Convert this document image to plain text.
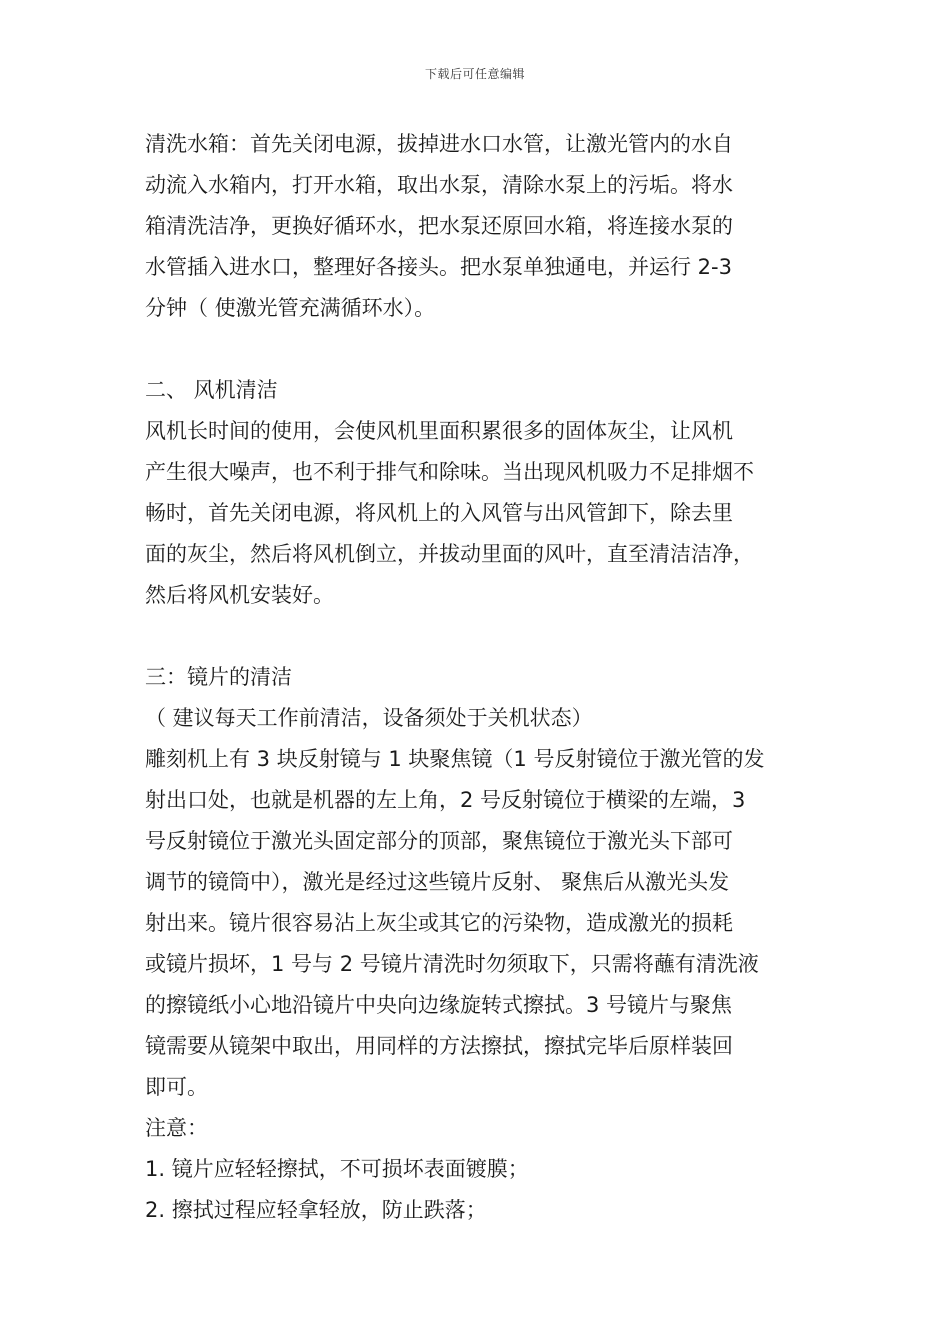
下载后可任意编辑
清洗水箱：首先关闭电源，拔掉进水口水管，让激光管内的水自
动流入水箱内，打开水箱，取出水泵，清除水泵上的污垢。将水
箱清洗洁净，更换好循环水，把水泵还原回水箱，将连接水泵的
水管插入进水口，整理好各接头。把水泵单独通电，并运行 2-3
分钟（ 使激光管充满循环水）。
二、 风机清洁
风机长时间的使用，会使风机里面积累很多的固体灰尘，让风机
产生很大噪声，也不利于排气和除味。当出现风机吸力不足排烟不
畅时，首先关闭电源，将风机上的入风管与出风管卸下，除去里
面的灰尘，然后将风机倒立，并拔动里面的风叶，直至清洁洁净，
然后将风机安装好。
三：镜片的清洁
（ 建议每天工作前清洁，设备须处于关机状态）
雕刻机上有 3 块反射镜与 1 块聚焦镜（1 号反射镜位于激光管的发
射出口处，也就是机器的左上角，2 号反射镜位于横梁的左端，3
号反射镜位于激光头固定部分的顶部，聚焦镜位于激光头下部可
调节的镜筒中），激光是经过这些镜片反射、 聚焦后从激光头发
射出来。镜片很容易沾上灰尘或其它的污染物，造成激光的损耗
或镜片损坏，1 号与 2 号镜片清洗时勿须取下，只需将蘸有清洗液
的擦镜纸小心地沿镜片中央向边缘旋转式擦拭。3 号镜片与聚焦
镜需要从镜架中取出，用同样的方法擦拭，擦拭完毕后原样装回
即可。
注意：
1. 镜片应轻轻擦拭，不可损坏表面镀膜；
2. 擦拭过程应轻拿轻放，防止跌落；
